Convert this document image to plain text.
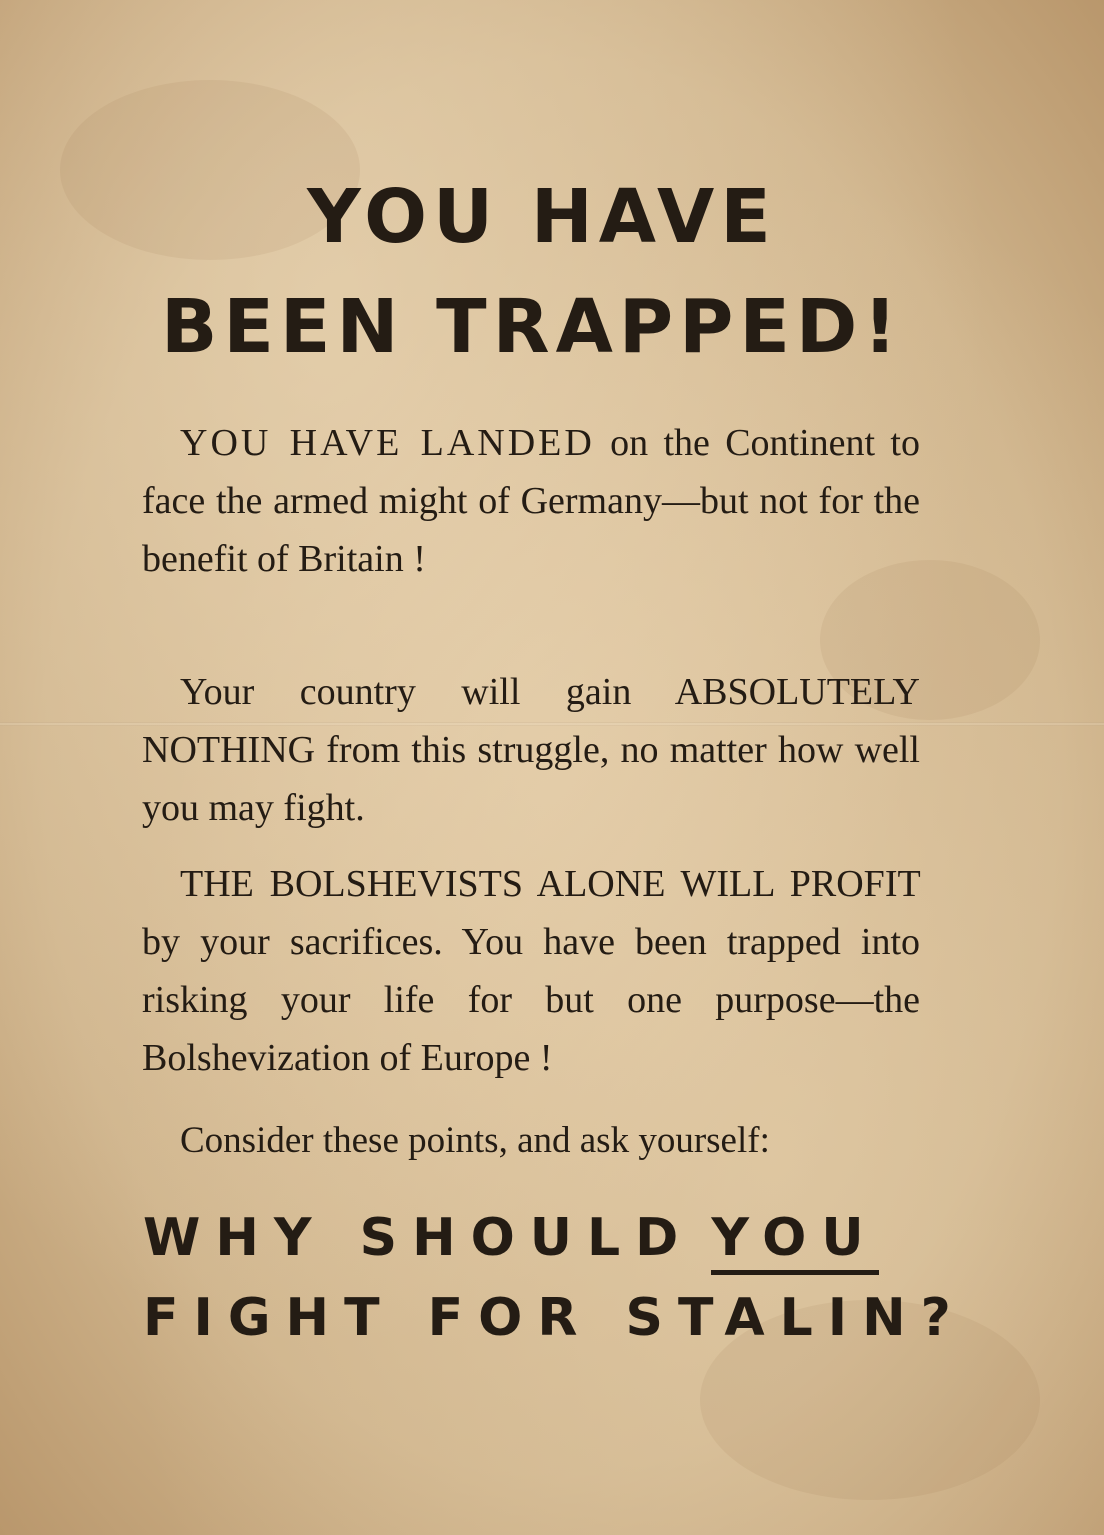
YOU HAVE
BEEN TRAPPED!

YOU HAVE LANDED on the Continent to face the armed might of Germany—but not for the benefit of Britain !

Your country will gain ABSOLUTELY NOTHING from this struggle, no matter how well you may fight.

THE BOLSHEVISTS ALONE WILL PROFIT by your sacrifices. You have been trapped into risking your life for but one purpose—the Bolshevization of Europe !

Consider these points, and ask yourself:

WHY SHOULD YOU
FIGHT FOR STALIN?
